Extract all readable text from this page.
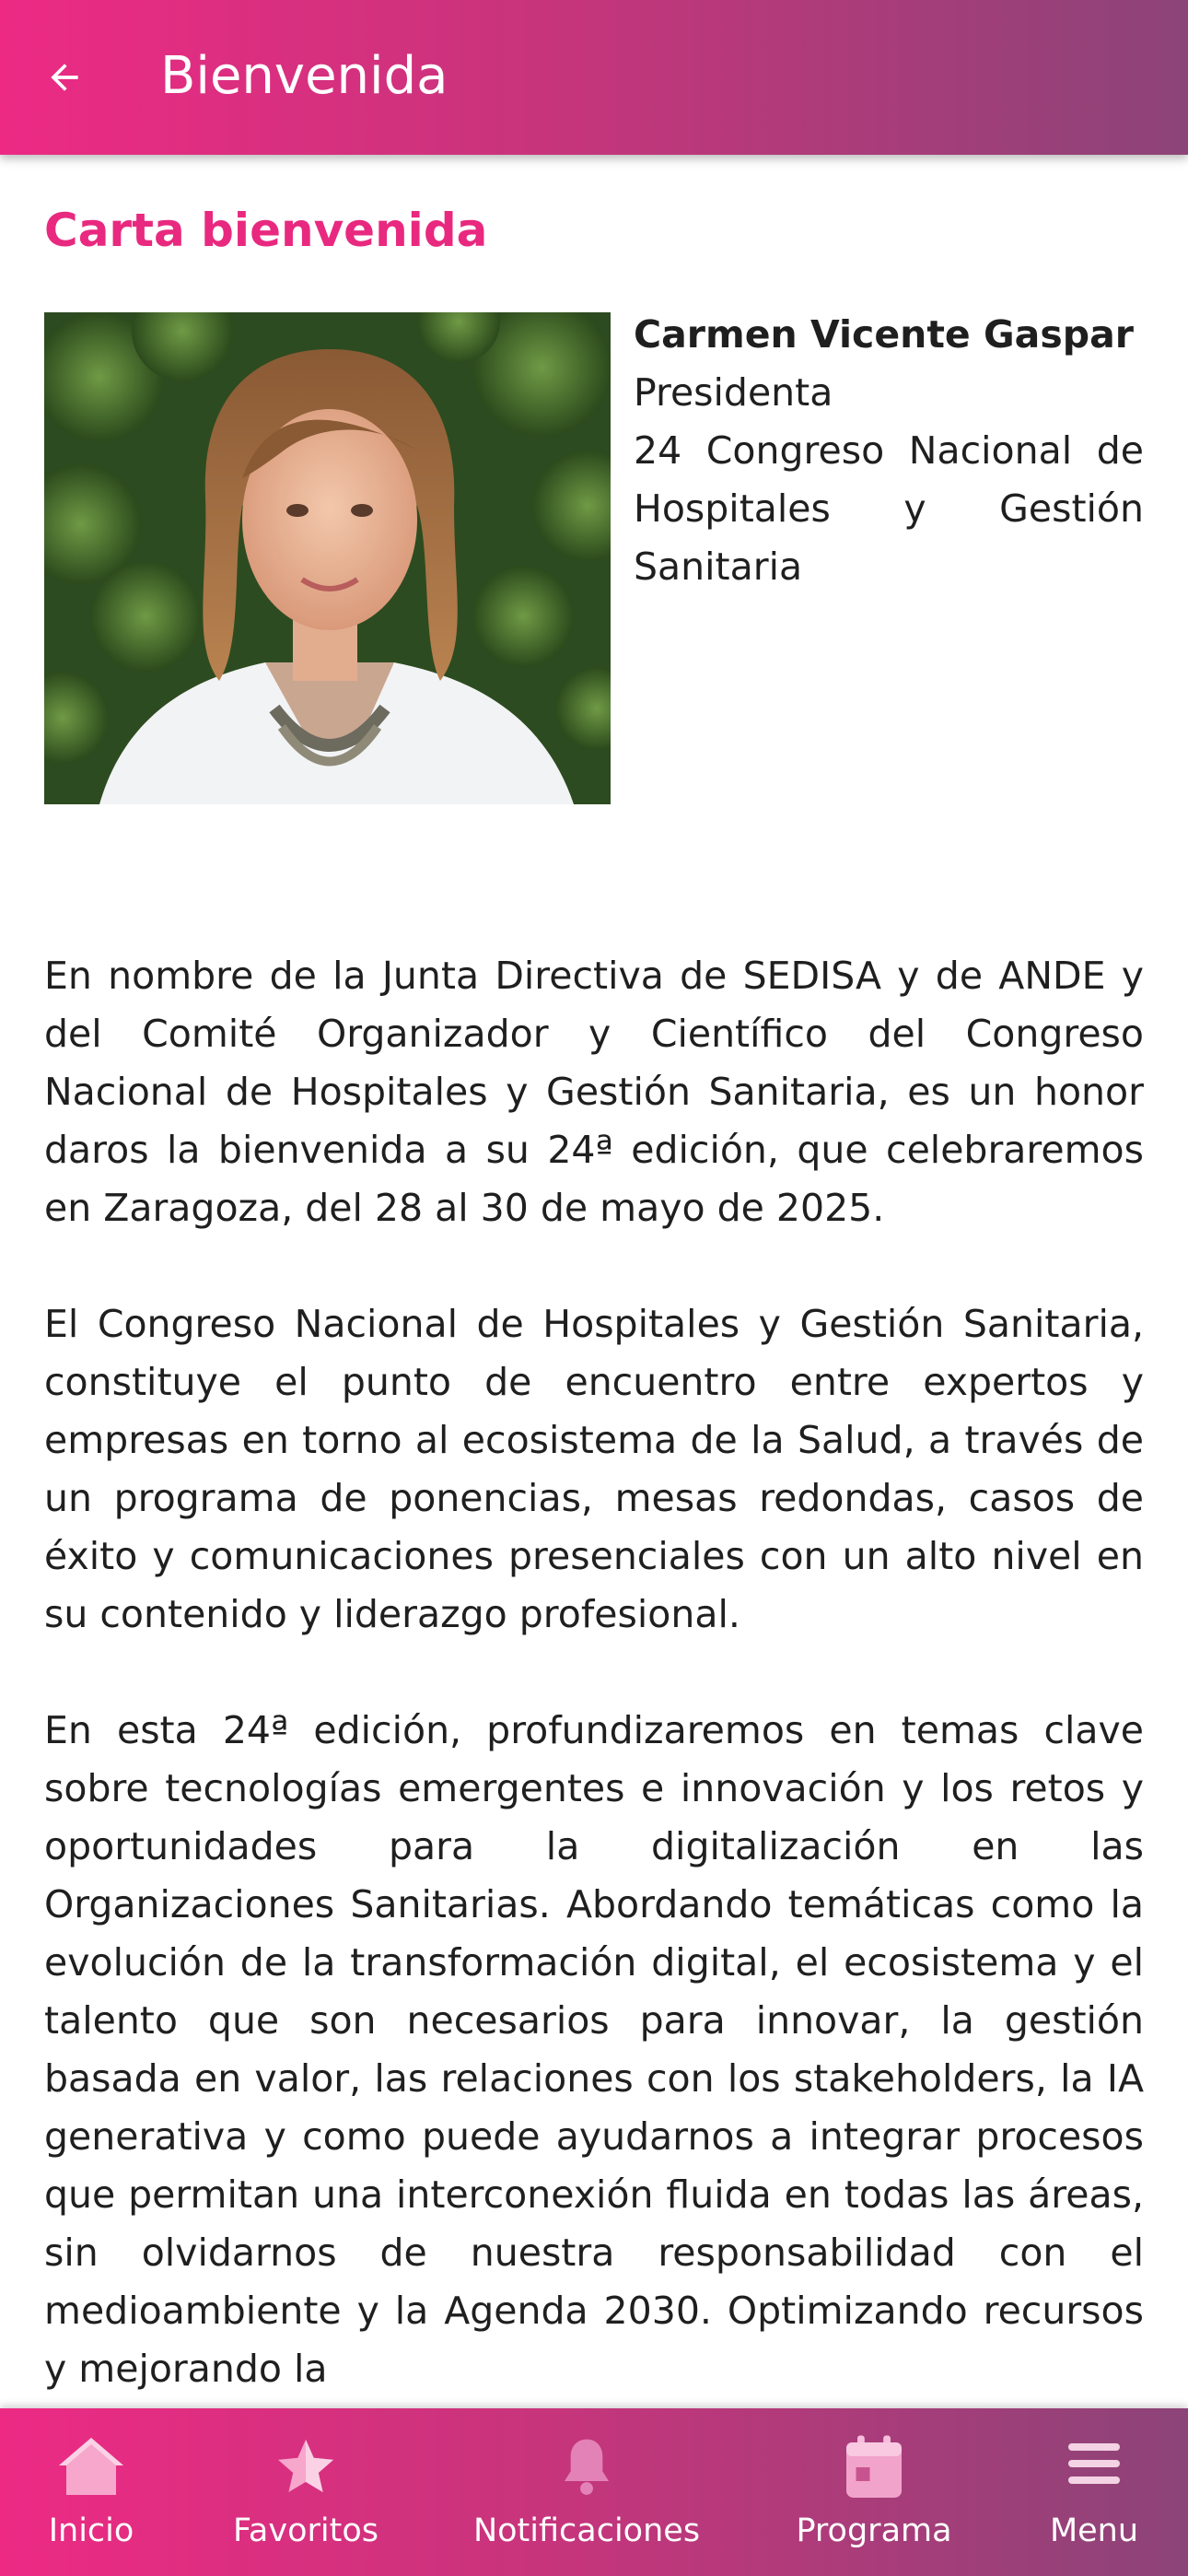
Bienvenida
Carta bienvenida
Carmen Vicente Gaspar
Presidenta
24 Congreso Nacional de Hospitales y Gestión Sanitaria

En nombre de la Junta Directiva de SEDISA y de ANDE y del Comité Organizador y Científico del Congreso Nacional de Hospitales y Gestión Sanitaria, es un honor daros la bienvenida a su 24ª edición, que celebraremos en Zaragoza, del 28 al 30 de mayo de 2025.

El Congreso Nacional de Hospitales y Gestión Sanitaria, constituye el punto de encuentro entre expertos y empresas en torno al ecosistema de la Salud, a través de un programa de ponencias, mesas redondas, casos de éxito y comunicaciones presenciales con un alto nivel en su contenido y liderazgo profesional.

En esta 24ª edición, profundizaremos en temas clave sobre tecnologías emergentes e innovación y los retos y oportunidades para la digitalización en las Organizaciones Sanitarias. Abordando temáticas como la evolución de la transformación digital, el ecosistema y el talento que son necesarios para innovar, la gestión basada en valor, las relaciones con los stakeholders, la IA generativa y como puede ayudarnos a integrar procesos que permitan una interconexión fluida en todas las áreas, sin olvidarnos de nuestra responsabilidad con el medioambiente y la Agenda 2030. Optimizando recursos y mejorando la

Inicio	Favoritos	Notificaciones	Programa	Menu
